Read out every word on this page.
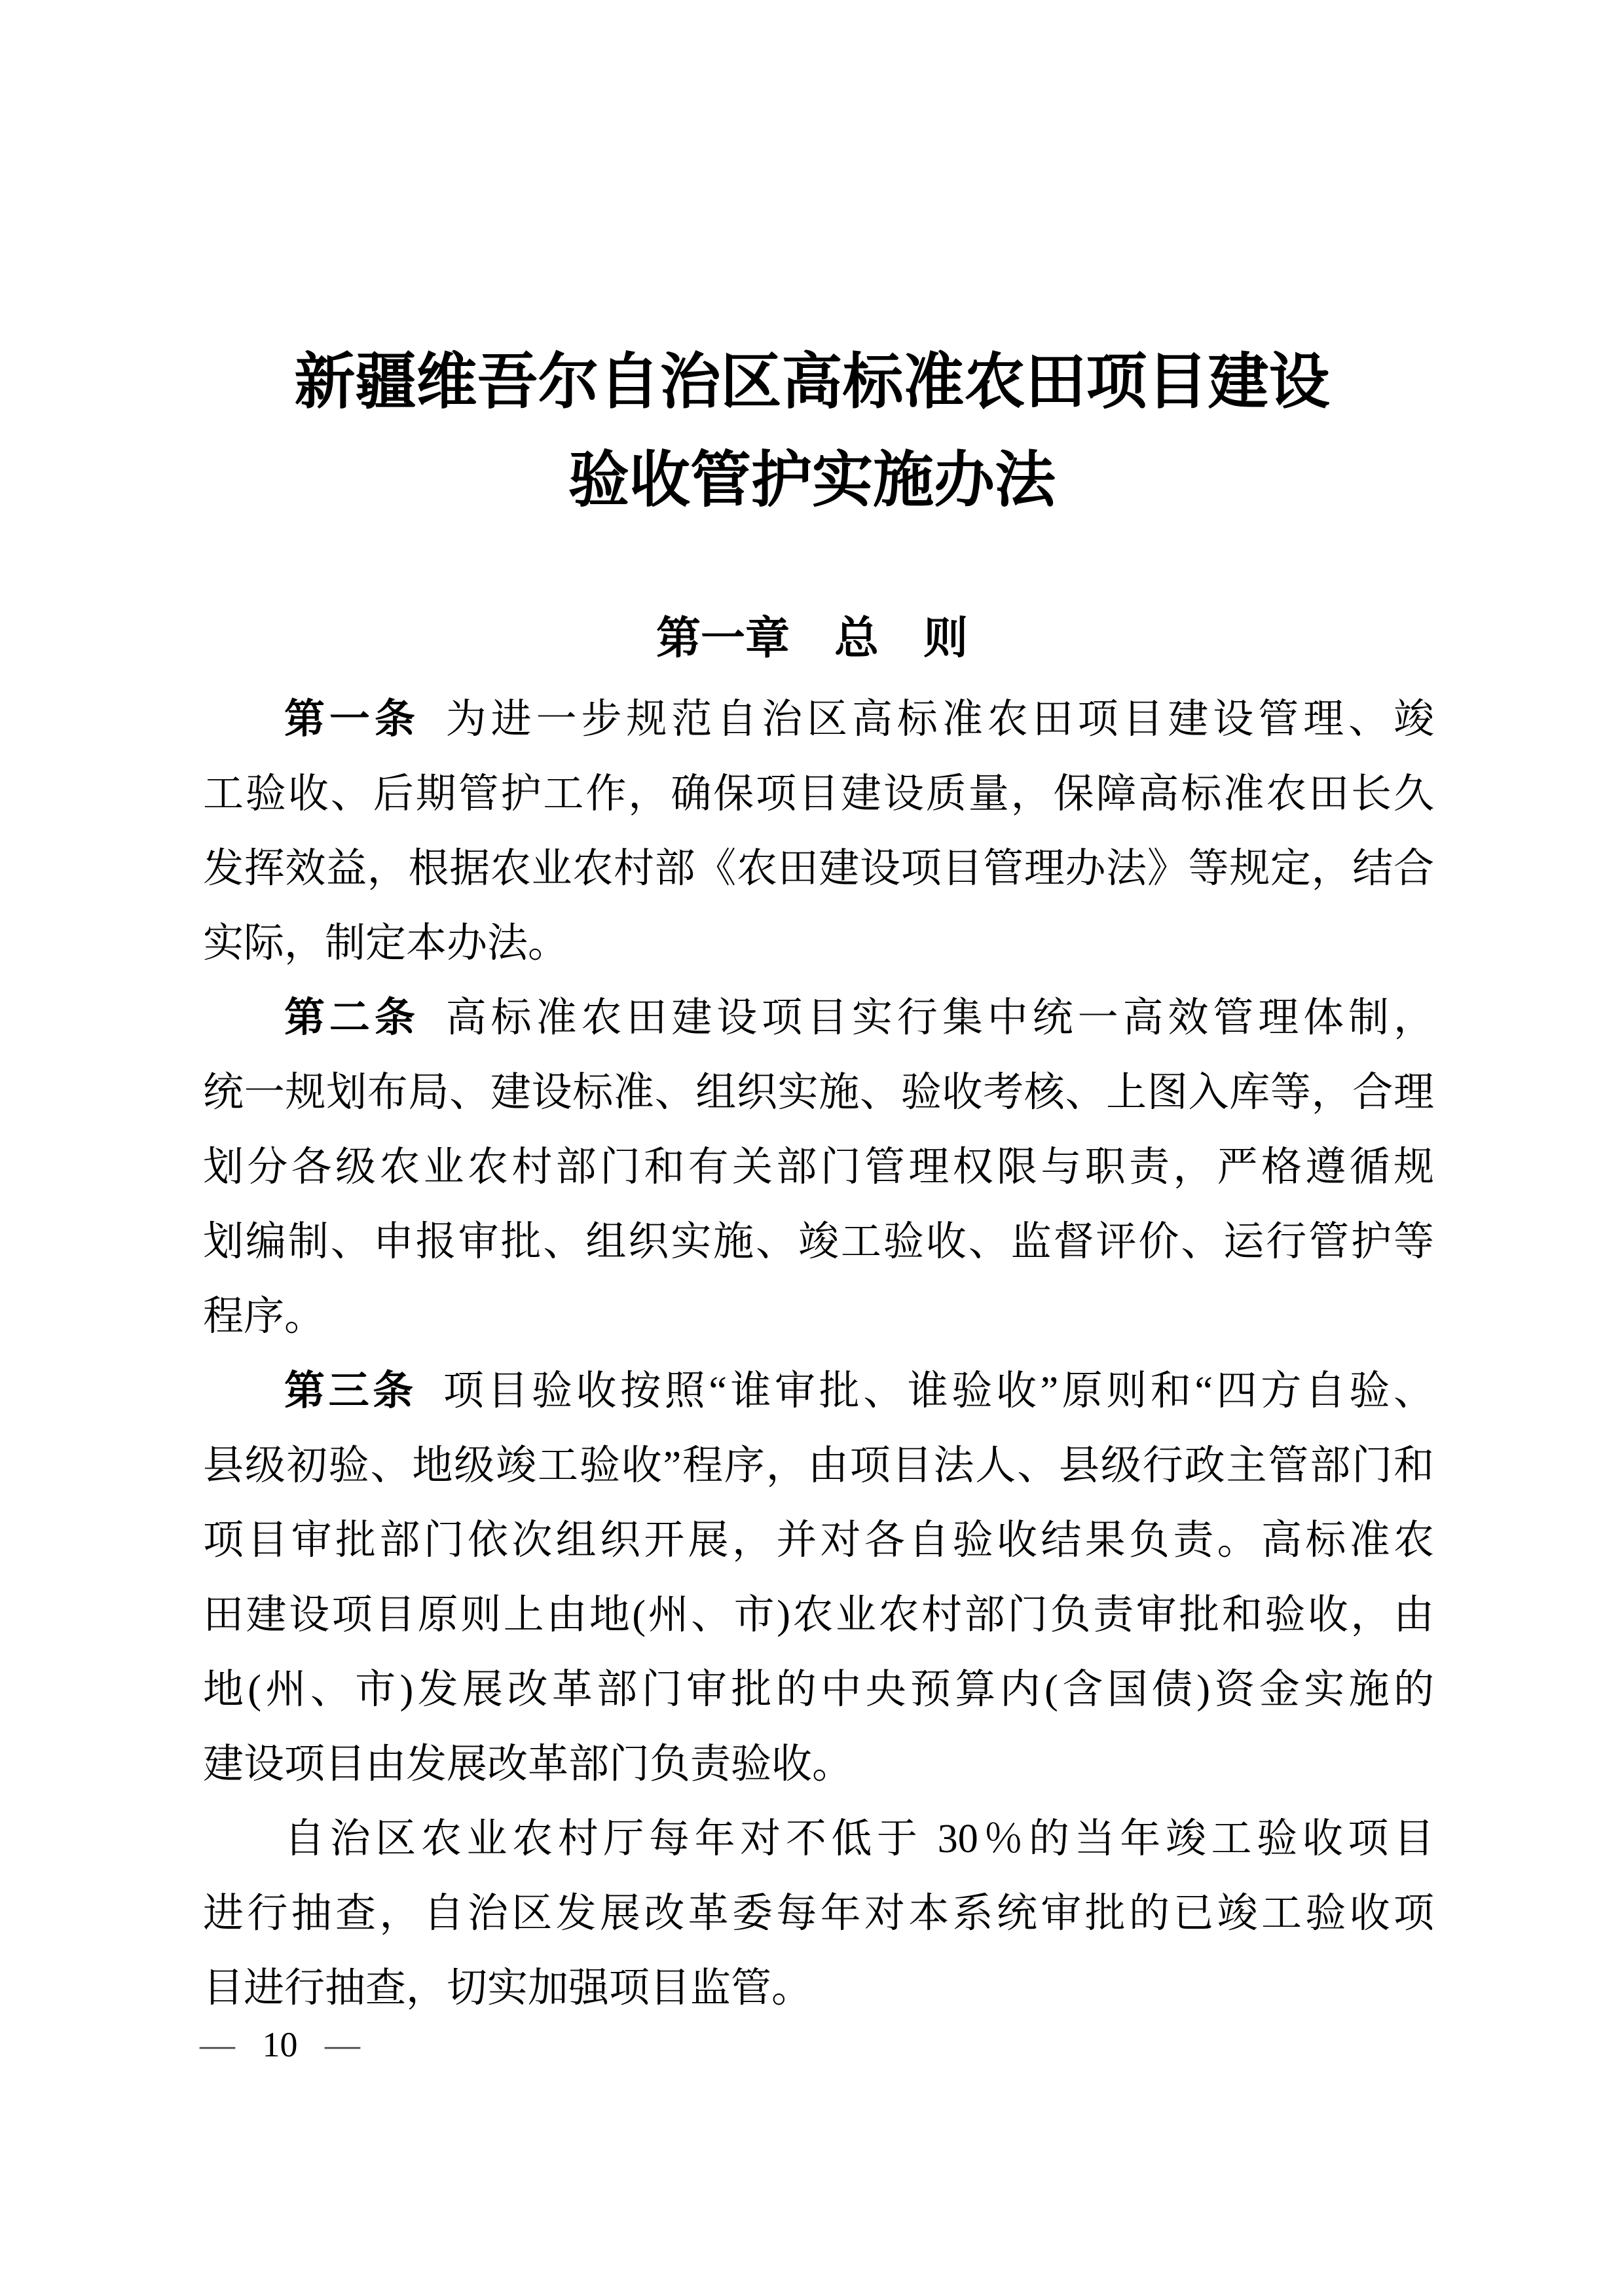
新疆维吾尔自治区高标准农田项目建设
验收管护实施办法
第一章　总　则
第一条 为进一步规范自治区高标准农田项目建设管理、竣
工验收、后期管护工作，确保项目建设质量，保障高标准农田长久
发挥效益，根据农业农村部《农田建设项目管理办法》等规定，结合
实际，制定本办法。
第二条 高标准农田建设项目实行集中统一高效管理体制，
统一规划布局、建设标准、组织实施、验收考核、上图入库等，合理
划分各级农业农村部门和有关部门管理权限与职责，严格遵循规
划编制、申报审批、组织实施、竣工验收、监督评价、运行管护等
程序。
第三条 项目验收按照“谁审批、谁验收”原则和“四方自验、
县级初验、地级竣工验收”程序，由项目法人、县级行政主管部门和
项目审批部门依次组织开展，并对各自验收结果负责。高标准农
田建设项目原则上由地(州、市)农业农村部门负责审批和验收，由
地(州、市)发展改革部门审批的中央预算内(含国债)资金实施的
建设项目由发展改革部门负责验收。
自治区农业农村厅每年对不低于 30％的当年竣工验收项目
进行抽查，自治区发展改革委每年对本系统审批的已竣工验收项
目进行抽查，切实加强项目监管。
— 10 —
